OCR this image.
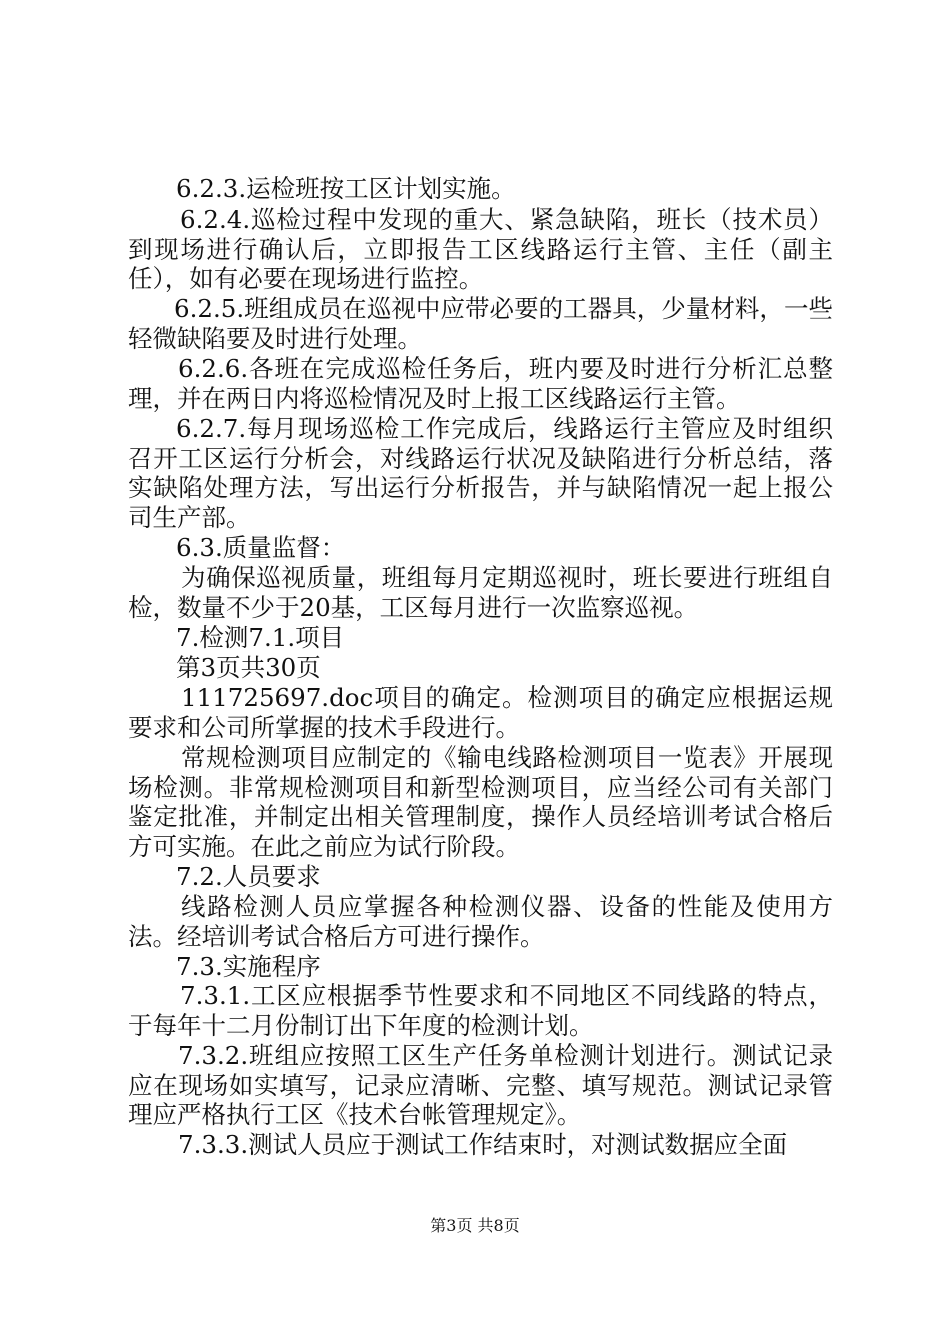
6.2.3.运检班按工区计划实施。

6.2.4.巡检过程中发现的重大、紧急缺陷，班长（技术员）到现场进行确认后，立即报告工区线路运行主管、主任（副主任），如有必要在现场进行监控。

6.2.5.班组成员在巡视中应带必要的工器具，少量材料，一些轻微缺陷要及时进行处理。

6.2.6.各班在完成巡检任务后，班内要及时进行分析汇总整理，并在两日内将巡检情况及时上报工区线路运行主管。

6.2.7.每月现场巡检工作完成后，线路运行主管应及时组织召开工区运行分析会，对线路运行状况及缺陷进行分析总结，落实缺陷处理方法，写出运行分析报告，并与缺陷情况一起上报公司生产部。

6.3.质量监督：

为确保巡视质量，班组每月定期巡视时，班长要进行班组自检，数量不少于20基，工区每月进行一次监察巡视。

7.检测7.1.项目

第3页共30页

111725697.doc项目的确定。检测项目的确定应根据运规要求和公司所掌握的技术手段进行。

常规检测项目应制定的《输电线路检测项目一览表》开展现场检测。非常规检测项目和新型检测项目，应当经公司有关部门鉴定批准，并制定出相关管理制度，操作人员经培训考试合格后方可实施。在此之前应为试行阶段。

7.2.人员要求

线路检测人员应掌握各种检测仪器、设备的性能及使用方法。经培训考试合格后方可进行操作。

7.3.实施程序

7.3.1.工区应根据季节性要求和不同地区不同线路的特点，于每年十二月份制订出下年度的检测计划。

7.3.2.班组应按照工区生产任务单检测计划进行。测试记录应在现场如实填写，记录应清晰、完整、填写规范。测试记录管理应严格执行工区《技术台帐管理规定》。

7.3.3.测试人员应于测试工作结束时，对测试数据应全面

第3页 共8页
